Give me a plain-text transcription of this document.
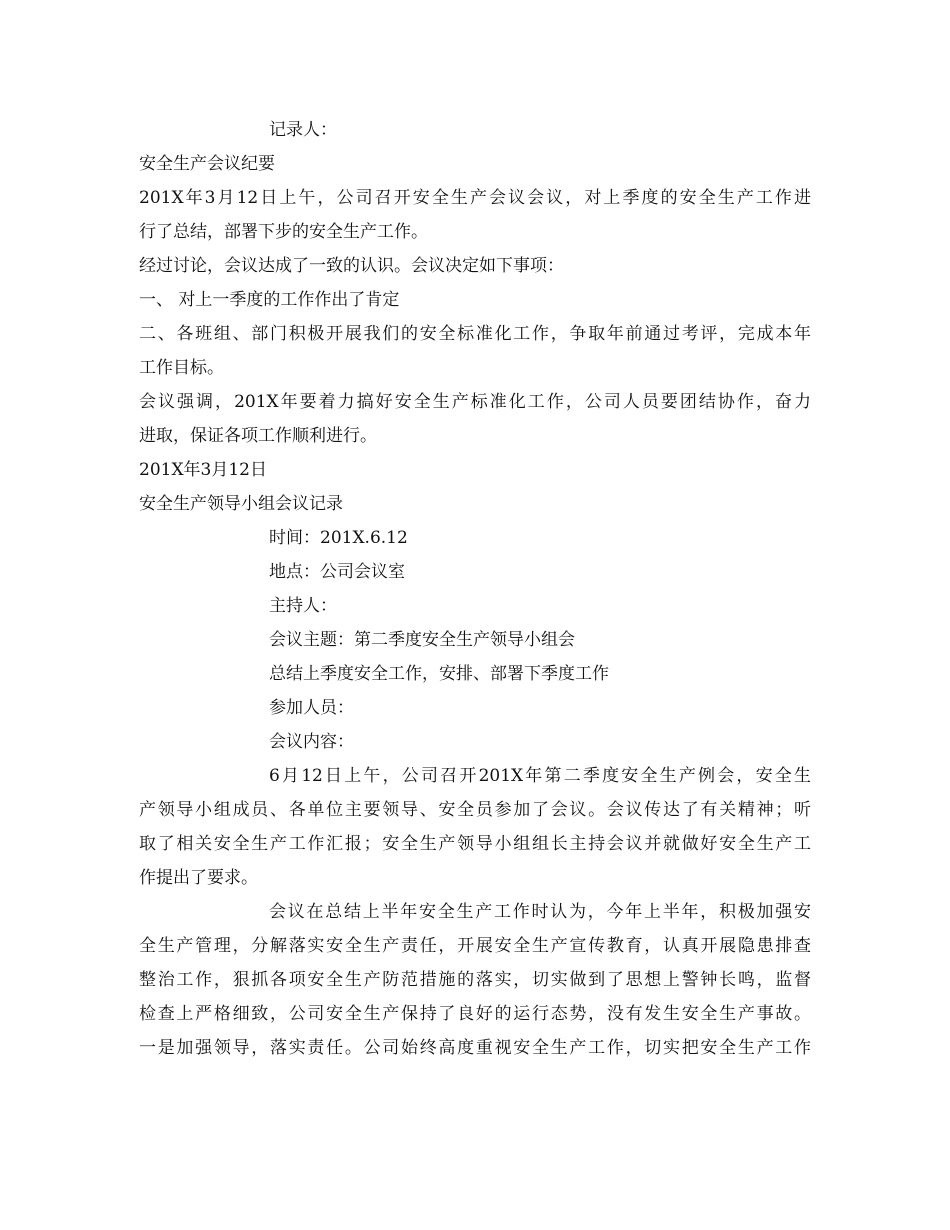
记录人：
安全生产会议纪要
201X年3月12日上午，公司召开安全生产会议会议，对上季度的安全生产工作进
行了总结，部署下步的安全生产工作。
经过讨论，会议达成了一致的认识。会议决定如下事项：
一、 对上一季度的工作作出了肯定
二、各班组、部门积极开展我们的安全标准化工作，争取年前通过考评，完成本年
工作目标。
会议强调，201X年要着力搞好安全生产标准化工作，公司人员要团结协作，奋力
进取，保证各项工作顺利进行。
201X年3月12日
安全生产领导小组会议记录
时间：201X.6.12
地点：公司会议室
主持人：
会议主题：第二季度安全生产领导小组会
总结上季度安全工作，安排、部署下季度工作
参加人员：
会议内容：
6月12日上午，公司召开201X年第二季度安全生产例会，安全生
产领导小组成员、各单位主要领导、安全员参加了会议。会议传达了有关精神；听
取了相关安全生产工作汇报；安全生产领导小组组长主持会议并就做好安全生产工
作提出了要求。
会议在总结上半年安全生产工作时认为，今年上半年，积极加强安
全生产管理，分解落实安全生产责任，开展安全生产宣传教育，认真开展隐患排查
整治工作，狠抓各项安全生产防范措施的落实，切实做到了思想上警钟长鸣，监督
检查上严格细致，公司安全生产保持了良好的运行态势，没有发生安全生产事故。
一是加强领导，落实责任。公司始终高度重视安全生产工作，切实把安全生产工作
